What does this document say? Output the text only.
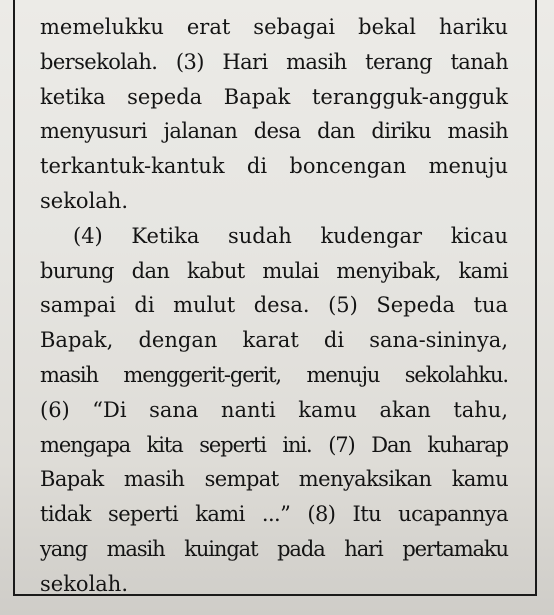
memelukku erat sebagai bekal hariku
bersekolah. (3) Hari masih terang tanah
ketika sepeda Bapak terangguk-angguk
menyusuri jalanan desa dan diriku masih
terkantuk-kantuk di boncengan menuju
sekolah.
(4) Ketika sudah kudengar kicau
burung dan kabut mulai menyibak, kami
sampai di mulut desa. (5) Sepeda tua
Bapak, dengan karat di sana-sininya,
masih menggerit-gerit, menuju sekolahku.
(6) “Di sana nanti kamu akan tahu,
mengapa kita seperti ini. (7) Dan kuharap
Bapak masih sempat menyaksikan kamu
tidak seperti kami ...” (8) Itu ucapannya
yang masih kuingat pada hari pertamaku
sekolah.
